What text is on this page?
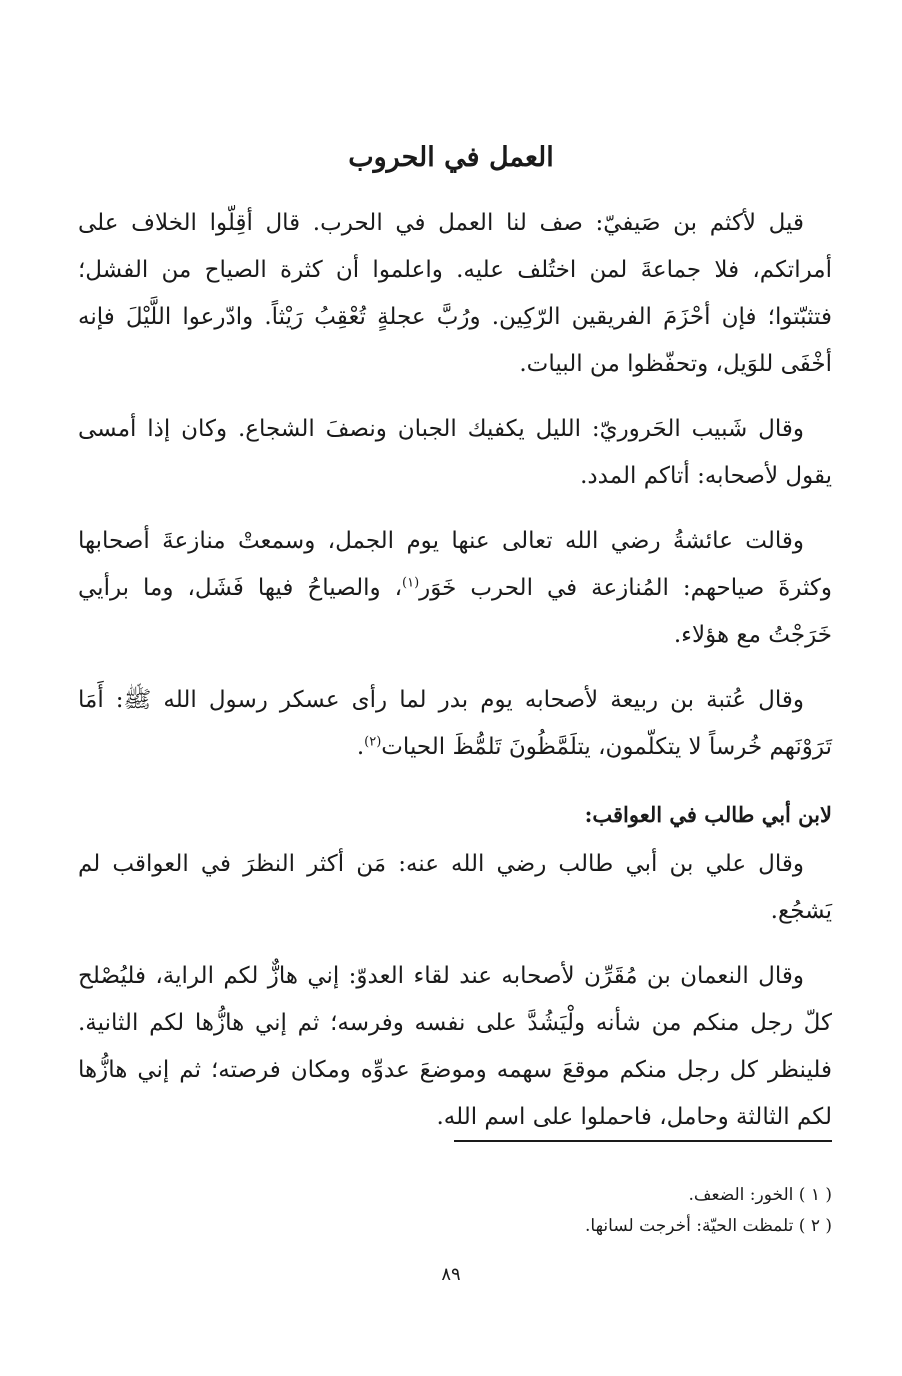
العمل في الحروب

قيل لأكثم بن صَيفيّ: صف لنا العمل في الحرب. قال أقِلّوا الخلاف على أمراتكم، فلا جماعةَ لمن اختُلف عليه. واعلموا أن كثرة الصياح من الفشل؛ فتثبّتوا؛ فإن أحْزَمَ الفريقين الرّكِين. ورُبَّ عجلةٍ تُعْقِبُ رَيْثاً. وادّرعوا اللَّيْلَ فإنه أخْفَى للوَيل، وتحفّظوا من البيات.

وقال شَبيب الحَروريّ: الليل يكفيك الجبان ونصفَ الشجاع. وكان إذا أمسى يقول لأصحابه: أتاكم المدد.

وقالت عائشةُ رضي الله تعالى عنها يوم الجمل، وسمعتْ منازعةَ أصحابها وكثرةَ صياحهم: المُنازعة في الحرب خَوَر$^{(١)}$، والصياحُ فيها فَشَل، وما برأيي خَرَجْتُ مع هؤلاء.

وقال عُتبة بن ربيعة لأصحابه يوم بدر لما رأى عسكر رسول الله ﷺ: أَمَا تَرَوْنَهم خُرساً لا يتكلّمون، يتلَمَّظُونَ تَلمُّظَ الحيات$^{(٢)}$.

لابن أبي طالب في العواقب:

وقال علي بن أبي طالب رضي الله عنه: مَن أكثر النظرَ في العواقب لم يَشجُع.

وقال النعمان بن مُقَرِّن لأصحابه عند لقاء العدوّ: إني هازٌّ لكم الراية، فليُصْلح كلّ رجل منكم من شأنه ولْيَشُدَّ على نفسه وفرسه؛ ثم إني هازُّها لكم الثانية. فلينظر كل رجل منكم موقعَ سهمه وموضعَ عدوِّه ومكان فرصته؛ ثم إني هازُّها لكم الثالثة وحامل، فاحملوا على اسم الله.

( ١ ) الخور: الضعف.
( ٢ ) تلمظت الحيّة: أخرجت لسانها.
٨٩
